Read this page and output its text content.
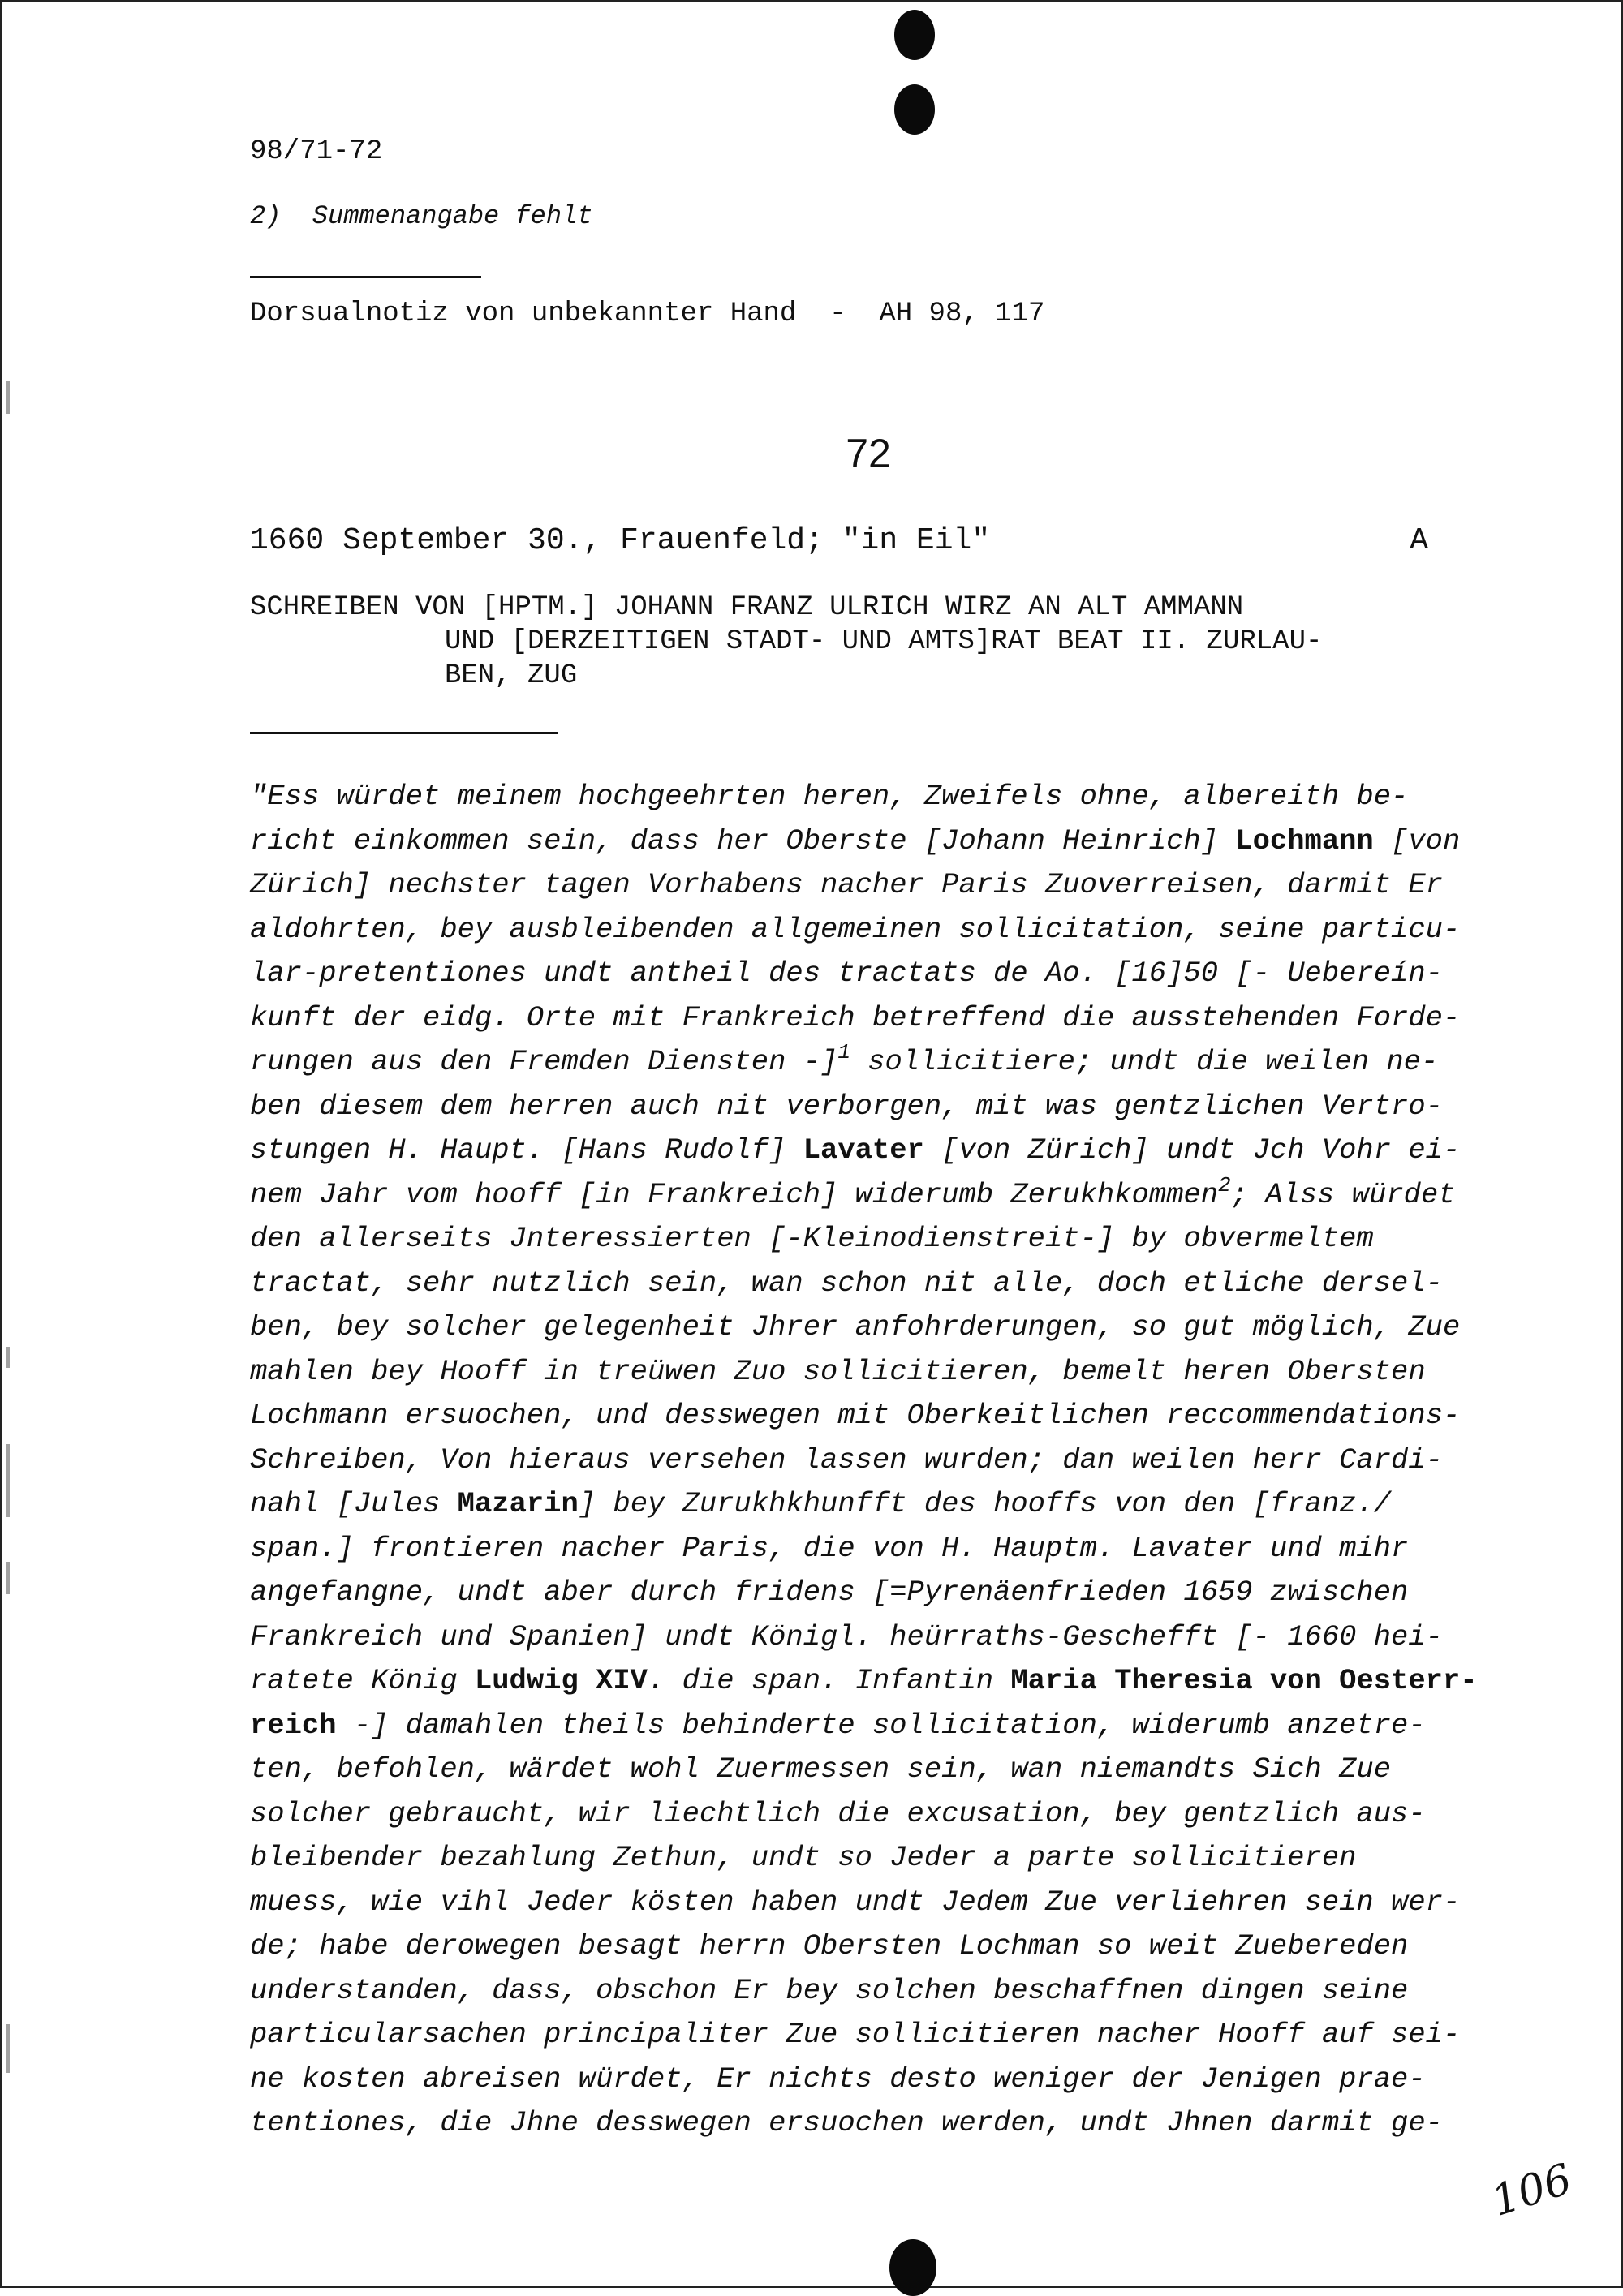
98/71-72
2)  Summenangabe fehlt
Dorsualnotiz von unbekannter Hand  -  AH 98, 117
72
1660 September 30., Frauenfeld; "in Eil"	A
SCHREIBEN VON [HPTM.] JOHANN FRANZ ULRICH WIRZ AN ALT AMMANN
UND [DERZEITIGEN STADT- UND AMTS]RAT BEAT II. ZURLAU-
BEN, ZUG
"Ess würdet meinem hochgeehrten heren, Zweifels ohne, albereith be-
richt einkommen sein, dass her Oberste [Johann Heinrich] Lochmann [von
Zürich] nechster tagen Vorhabens nacher Paris Zuoverreisen, darmit Er
aldohrten, bey ausbleibenden allgemeinen sollicitation, seine particu-
lar-pretentiones undt antheil des tractats de Ao. [16]50 [- Uebereín-
kunft der eidg. Orte mit Frankreich betreffend die ausstehenden Forde-
rungen aus den Fremden Diensten -]$^1$ sollicitiere; undt die weilen ne-
ben diesem dem herren auch nit verborgen, mit was gentzlichen Vertro-
stungen H. Haupt. [Hans Rudolf] Lavater [von Zürich] undt Jch Vohr ei-
nem Jahr vom hooff [in Frankreich] widerumb Zerukhkommen$^2$; Alss würdet
den allerseits Jnteressierten [-Kleinodienstreit-] by obvermeltem
tractat, sehr nutzlich sein, wan schon nit alle, doch etliche dersel-
ben, bey solcher gelegenheit Jhrer anfohrderungen, so gut möglich, Zue
mahlen bey Hooff in treüwen Zuo sollicitieren, bemelt heren Obersten
Lochmann ersuochen, und desswegen mit Oberkeitlichen reccommendations-
Schreiben, Von hieraus versehen lassen wurden; dan weilen herr Cardi-
nahl [Jules Mazarin] bey Zurukhkhunfft des hooffs von den [franz./
span.] frontieren nacher Paris, die von H. Hauptm. Lavater und mihr
angefangne, undt aber durch fridens [=Pyrenäenfrieden 1659 zwischen
Frankreich und Spanien] undt Königl. heürraths-Geschefft [- 1660 hei-
ratete König Ludwig XIV. die span. Infantin Maria Theresia von Oesterr-
reich -] damahlen theils behinderte sollicitation, widerumb anzetre-
ten, befohlen, wärdet wohl Zuermessen sein, wan niemandts Sich Zue
solcher gebraucht, wir liechtlich die excusation, bey gentzlich aus-
bleibender bezahlung Zethun, undt so Jeder a parte sollicitieren
muess, wie vihl Jeder kösten haben undt Jedem Zue verliehren sein wer-
de; habe derowegen besagt herrn Obersten Lochman so weit Zuebereden
understanden, dass, obschon Er bey solchen beschaffnen dingen seine
particularsachen principaliter Zue sollicitieren nacher Hooff auf sei-
ne kosten abreisen würdet, Er nichts desto weniger der Jenigen prae-
tentiones, die Jhne desswegen ersuochen werden, undt Jhnen darmit ge-
106
